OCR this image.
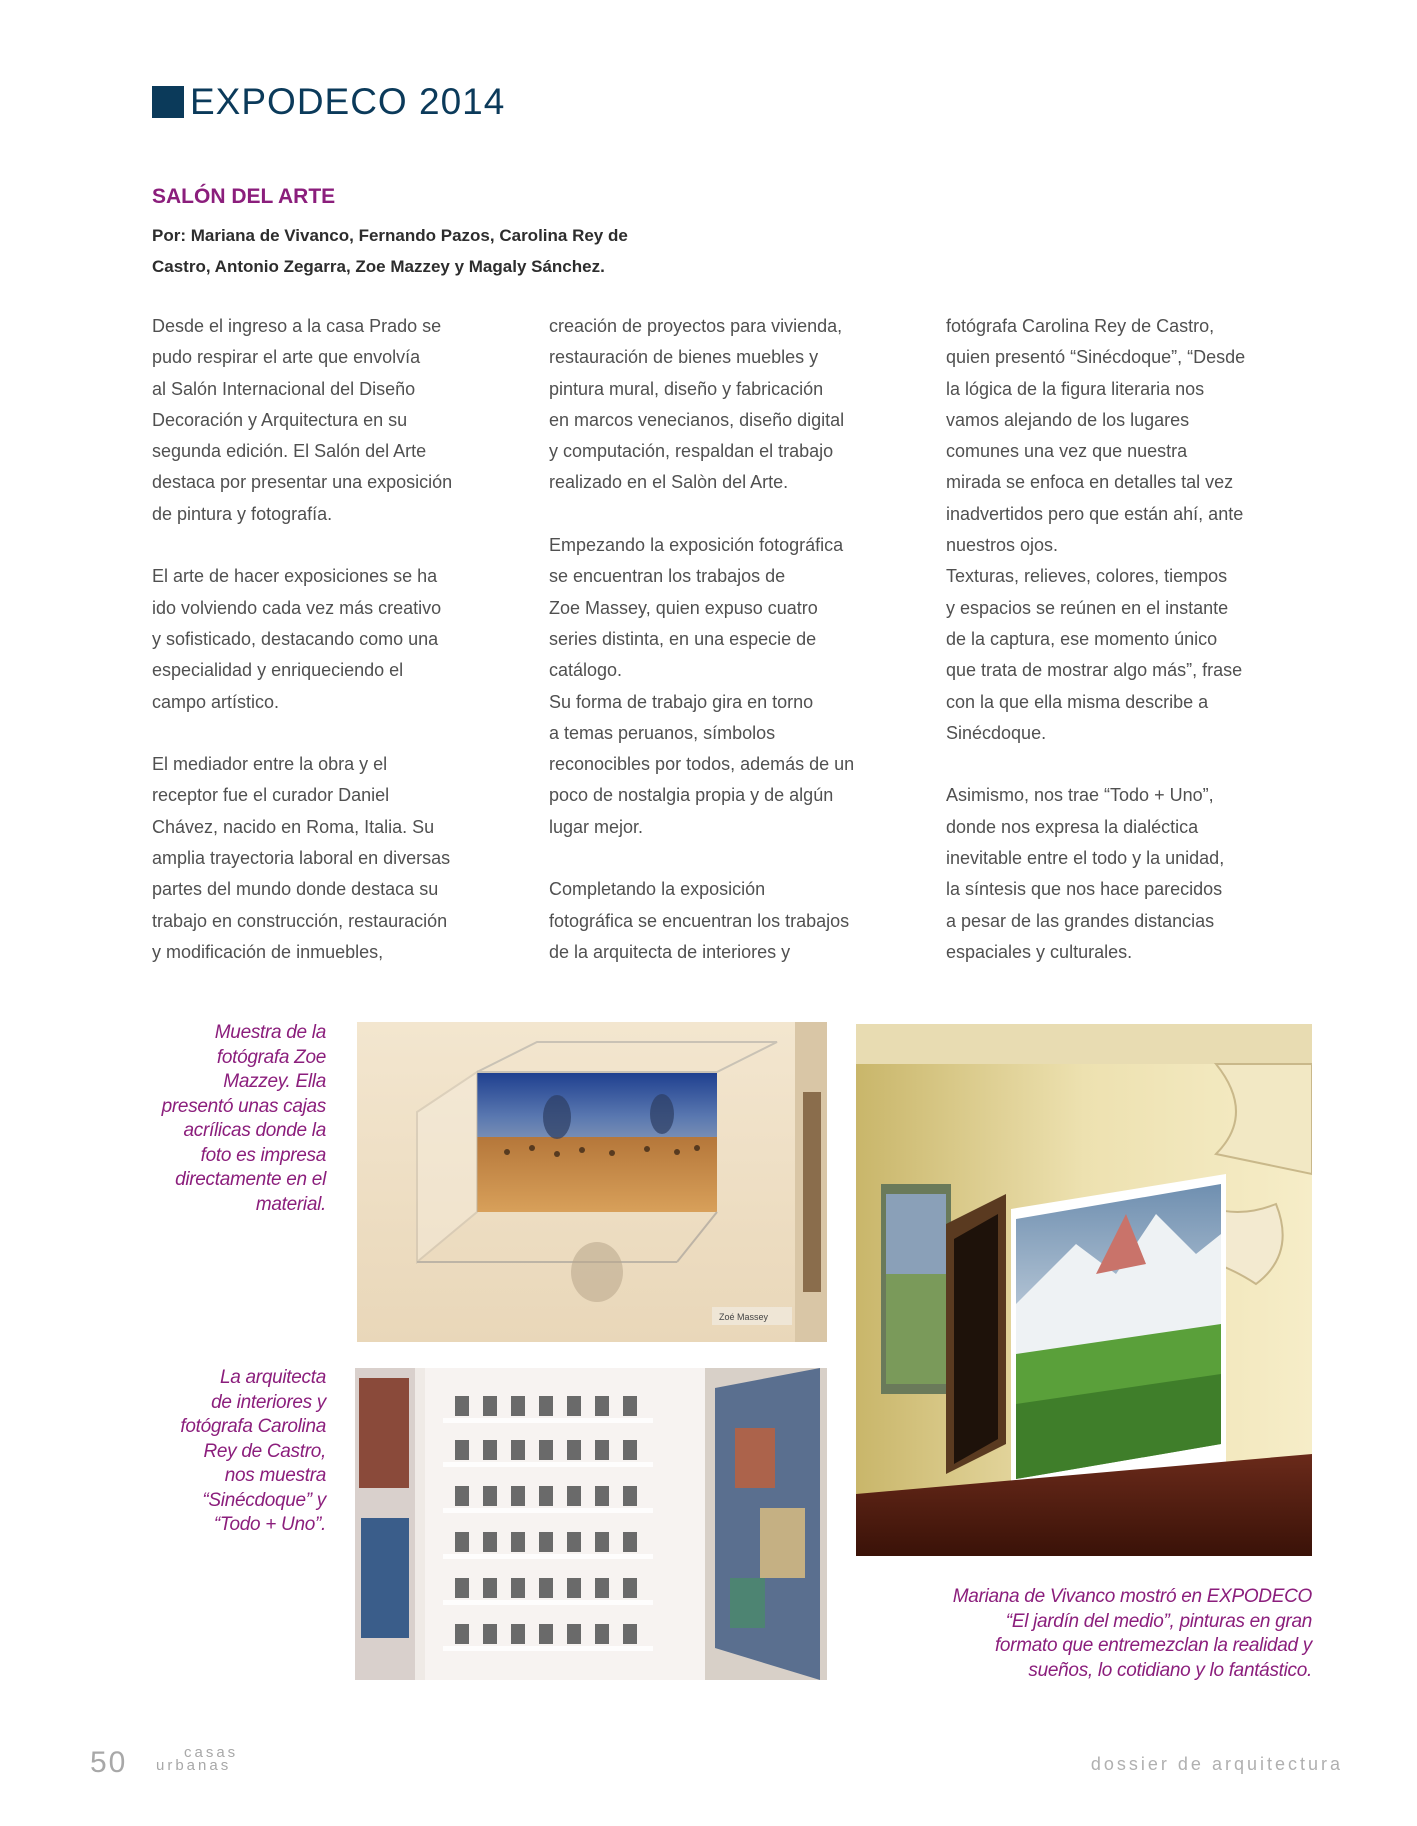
EXPODECO 2014
SALÓN DEL ARTE
Por: Mariana de Vivanco, Fernando Pazos, Carolina Rey de
Castro, Antonio Zegarra, Zoe Mazzey y Magaly Sánchez.

Desde el ingreso a la casa Prado se
pudo respirar el arte que envolvía
al Salón Internacional del Diseño
Decoración y Arquitectura en su
segunda edición. El Salón del Arte
destaca por presentar una exposición
de pintura y fotografía.

El arte de hacer exposiciones se ha
ido volviendo cada vez más creativo
y sofisticado, destacando como una
especialidad y enriqueciendo el
campo artístico.

El mediador entre la obra y el
receptor fue el curador Daniel
Chávez, nacido en Roma, Italia. Su
amplia trayectoria laboral en diversas
partes del mundo donde destaca su
trabajo en construcción, restauración
y modificación de inmuebles,

creación de proyectos para vivienda,
restauración de bienes muebles y
pintura mural, diseño y fabricación
en marcos venecianos, diseño digital
y computación, respaldan el trabajo
realizado en el Salòn del Arte.

Empezando la exposición fotográfica
se encuentran los trabajos de
Zoe Massey, quien expuso cuatro
series distinta, en una especie de
catálogo.
Su forma de trabajo gira en torno
a temas peruanos, símbolos
reconocibles por todos, además de un
poco de nostalgia propia y de algún
lugar mejor.

Completando la exposición
fotográfica se encuentran los trabajos
de la arquitecta de interiores y

fotógrafa Carolina Rey de Castro,
quien presentó “Sinécdoque”, “Desde
la lógica de la figura literaria nos
vamos alejando de los lugares
comunes una vez que nuestra
mirada se enfoca en detalles tal vez
inadvertidos pero que están ahí, ante
nuestros ojos.
Texturas, relieves, colores, tiempos
y espacios se reúnen en el instante
de la captura, ese momento único
que trata de mostrar algo más”, frase
con la que ella misma describe a
Sinécdoque.

Asimismo, nos trae “Todo + Uno”,
donde nos expresa la dialéctica
inevitable entre el todo y la unidad,
la síntesis que nos hace parecidos
a pesar de las grandes distancias
espaciales y culturales.

Muestra de la
fotógrafa Zoe
Mazzey. Ella
presentó unas cajas
acrílicas donde la
foto es impresa
directamente en el
material.
La arquitecta
de interiores y
fotógrafa Carolina
Rey de Castro,
nos muestra
“Sinécdoque” y
“Todo + Uno”.
Mariana de Vivanco mostró en EXPODECO
“El jardín del medio”, pinturas en gran
formato que entremezclan la realidad y
sueños, lo cotidiano y lo fantástico.
Zoé Massey
50	casas
urbanas	dossier de arquitectura
